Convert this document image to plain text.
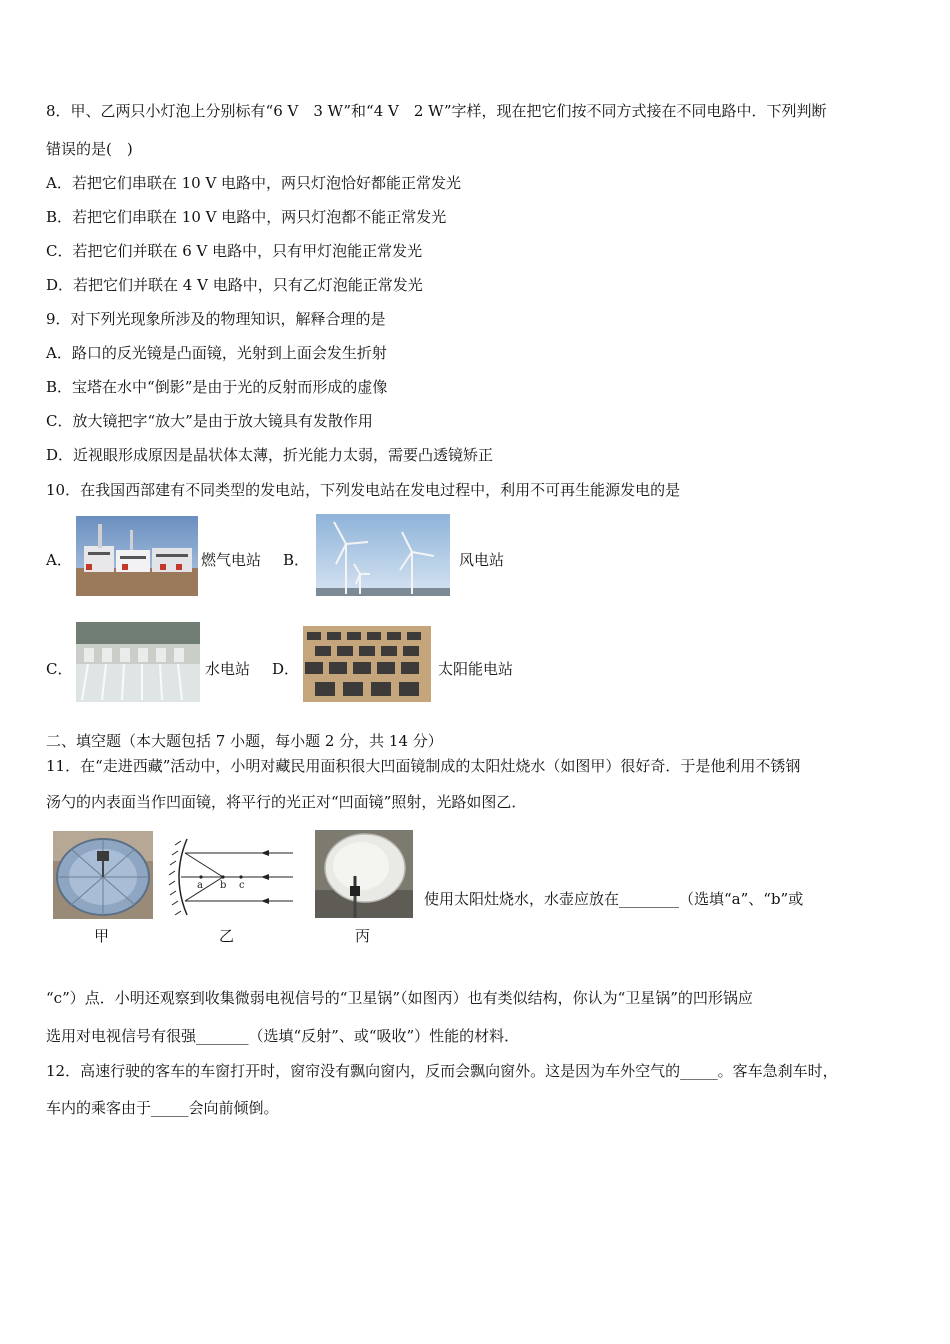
8．甲、乙两只小灯泡上分别标有“6 V　3 W”和“4 V　2 W”字样，现在把它们按不同方式接在不同电路中．下列判断
错误的是(　)
A．若把它们串联在 10 V 电路中，两只灯泡恰好都能正常发光
B．若把它们串联在 10 V 电路中，两只灯泡都不能正常发光
C．若把它们并联在 6 V 电路中，只有甲灯泡能正常发光
D．若把它们并联在 4 V 电路中，只有乙灯泡能正常发光
9．对下列光现象所涉及的物理知识，解释合理的是
A．路口的反光镜是凸面镜，光射到上面会发生折射
B．宝塔在水中“倒影”是由于光的反射而形成的虚像
C．放大镜把字“放大”是由于放大镜具有发散作用
D．近视眼形成原因是晶状体太薄，折光能力太弱，需要凸透镜矫正
10．在我国西部建有不同类型的发电站，下列发电站在发电过程中，利用不可再生能源发电的是
A．	燃气电站 B．	风电站
C．	水电站 D．	太阳能电站
二、填空题（本大题包括 7 小题，每小题 2 分，共 14 分）
11．在“走进西藏”活动中，小明对藏民用面积很大凹面镜制成的太阳灶烧水（如图甲）很好奇．于是他利用不锈钢
汤勺的内表面当作凹面镜，将平行的光正对“凹面镜”照射，光路如图乙．
a b c
甲	乙	丙
使用太阳灶烧水，水壶应放在________（选填“a”、“b”或
“c”）点．小明还观察到收集微弱电视信号的“卫星锅”（如图丙）也有类似结构，你认为“卫星锅”的凹形锅应
选用对电视信号有很强_______（选填“反射”、或“吸收”）性能的材料．
12．高速行驶的客车的车窗打开时，窗帘没有飘向窗内，反而会飘向窗外。这是因为车外空气的_____。客车急刹车时，
车内的乘客由于_____会向前倾倒。
